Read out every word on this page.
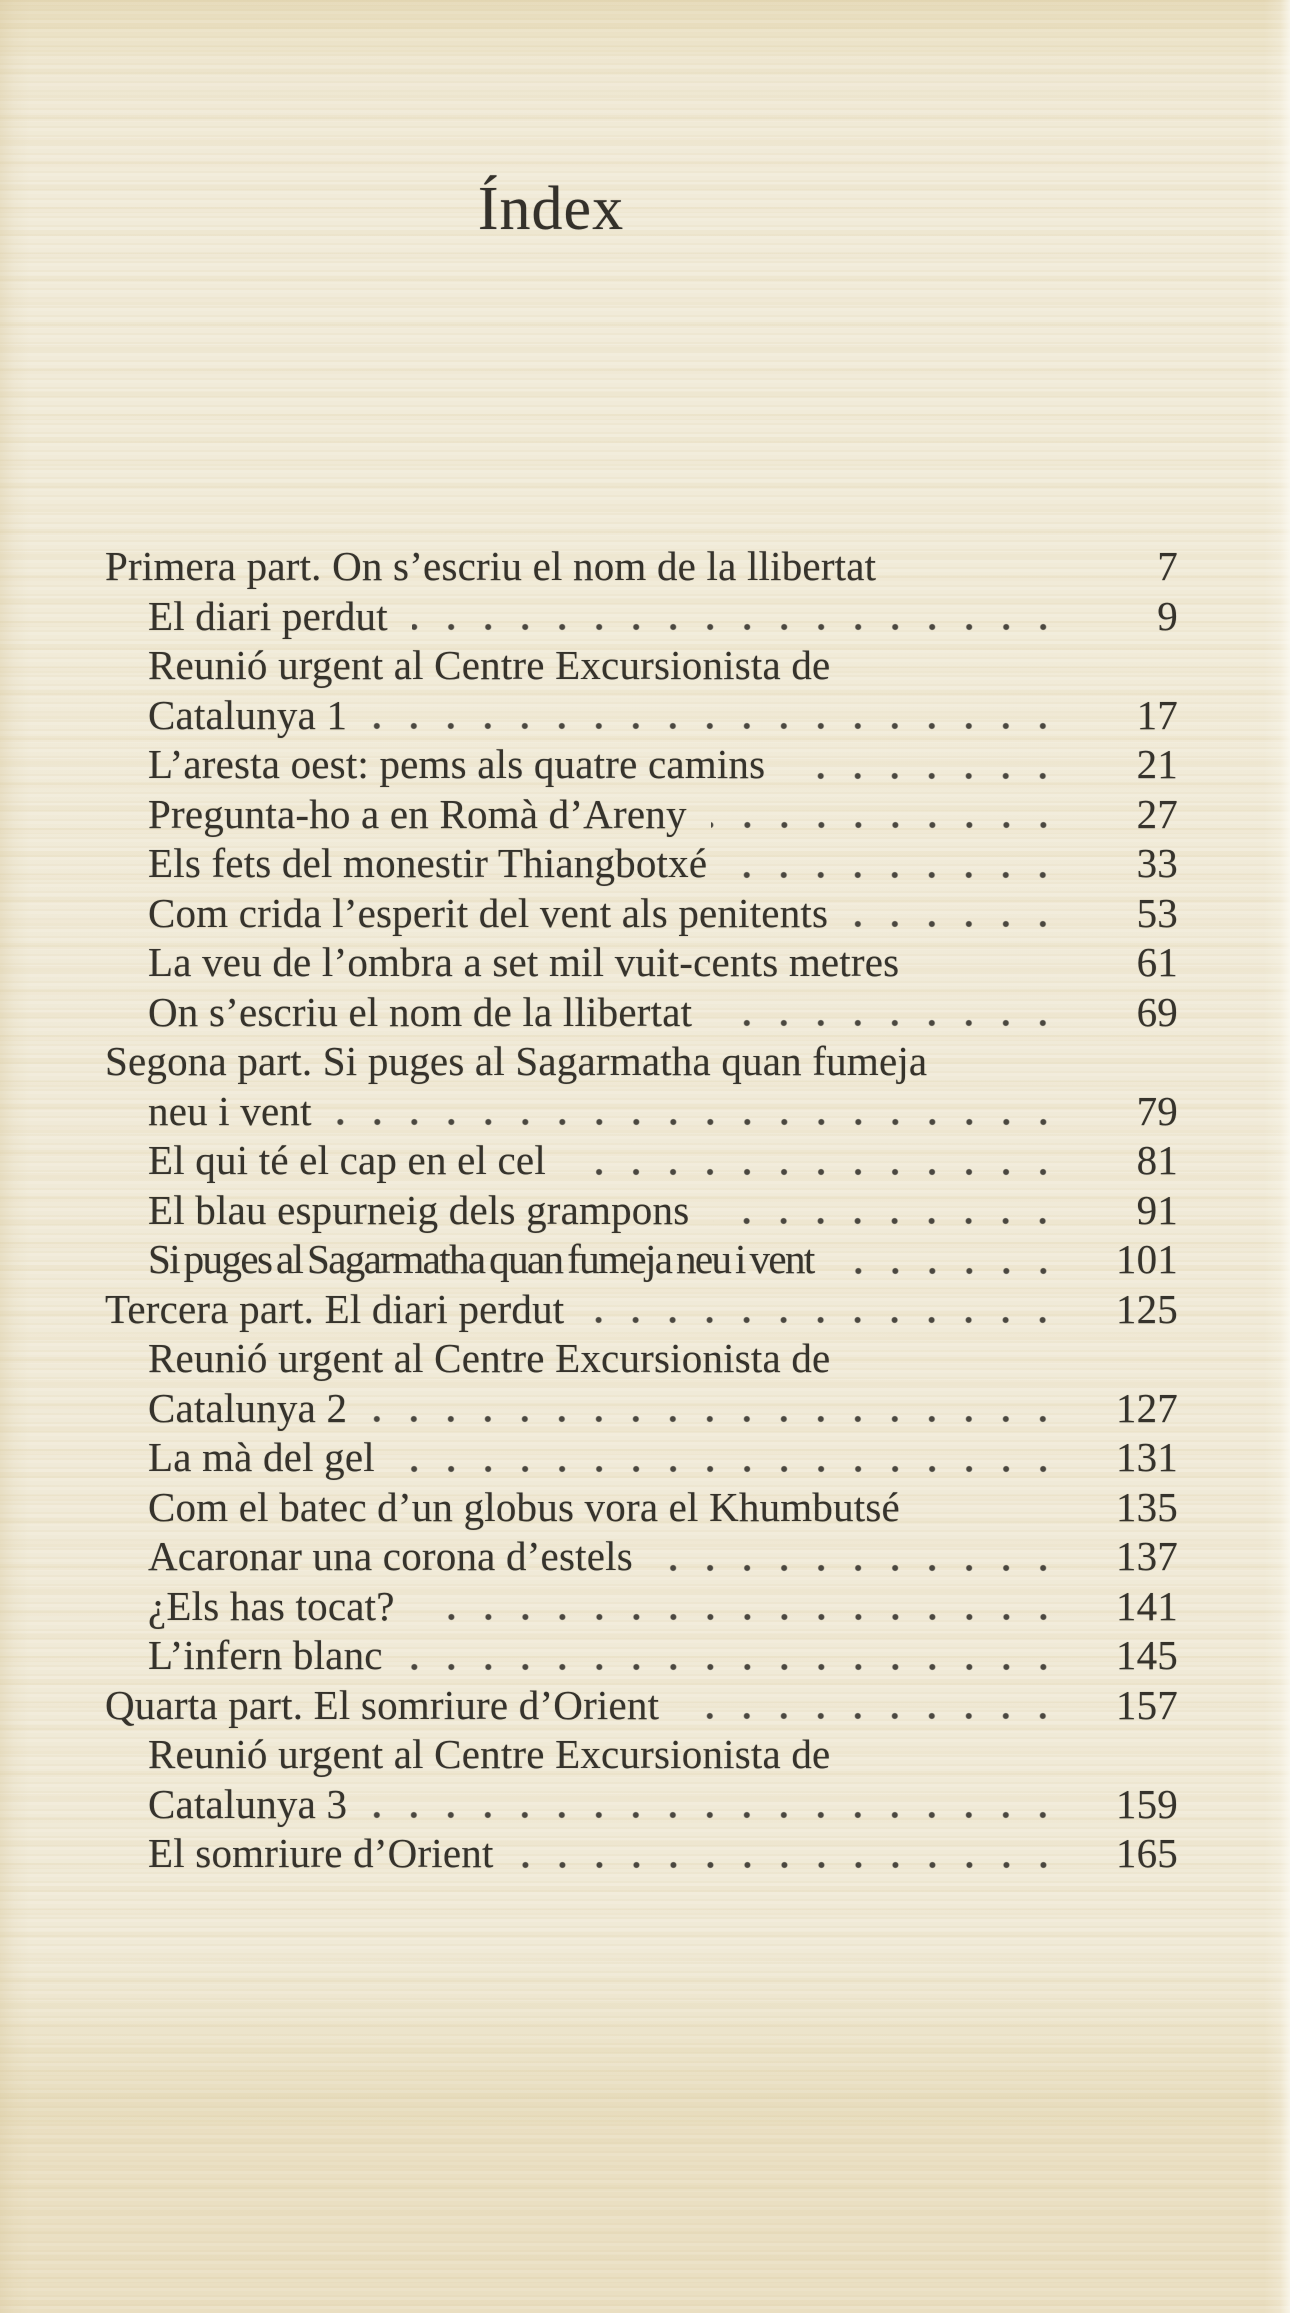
Índex
Primera part. On s’escriu el nom de la llibertat	7
El diari perdut	9
Reunió urgent al Centre Excursionista de
Catalunya 1	17
L’aresta oest: pems als quatre camins	21
Pregunta-ho a en Romà d’Areny	27
Els fets del monestir Thiangbotxé	33
Com crida l’esperit del vent als penitents	53
La veu de l’ombra a set mil vuit-cents metres	61
On s’escriu el nom de la llibertat	69
Segona part. Si puges al Sagarmatha quan fumeja
neu i vent	79
El qui té el cap en el cel	81
El blau espurneig dels grampons	91
Si puges al Sagarmatha quan fumeja neu i vent	101
Tercera part. El diari perdut	125
Reunió urgent al Centre Excursionista de
Catalunya 2	127
La mà del gel	131
Com el batec d’un globus vora el Khumbutsé	135
Acaronar una corona d’estels	137
¿Els has tocat?	141
L’infern blanc	145
Quarta part. El somriure d’Orient	157
Reunió urgent al Centre Excursionista de
Catalunya 3	159
El somriure d’Orient	165
